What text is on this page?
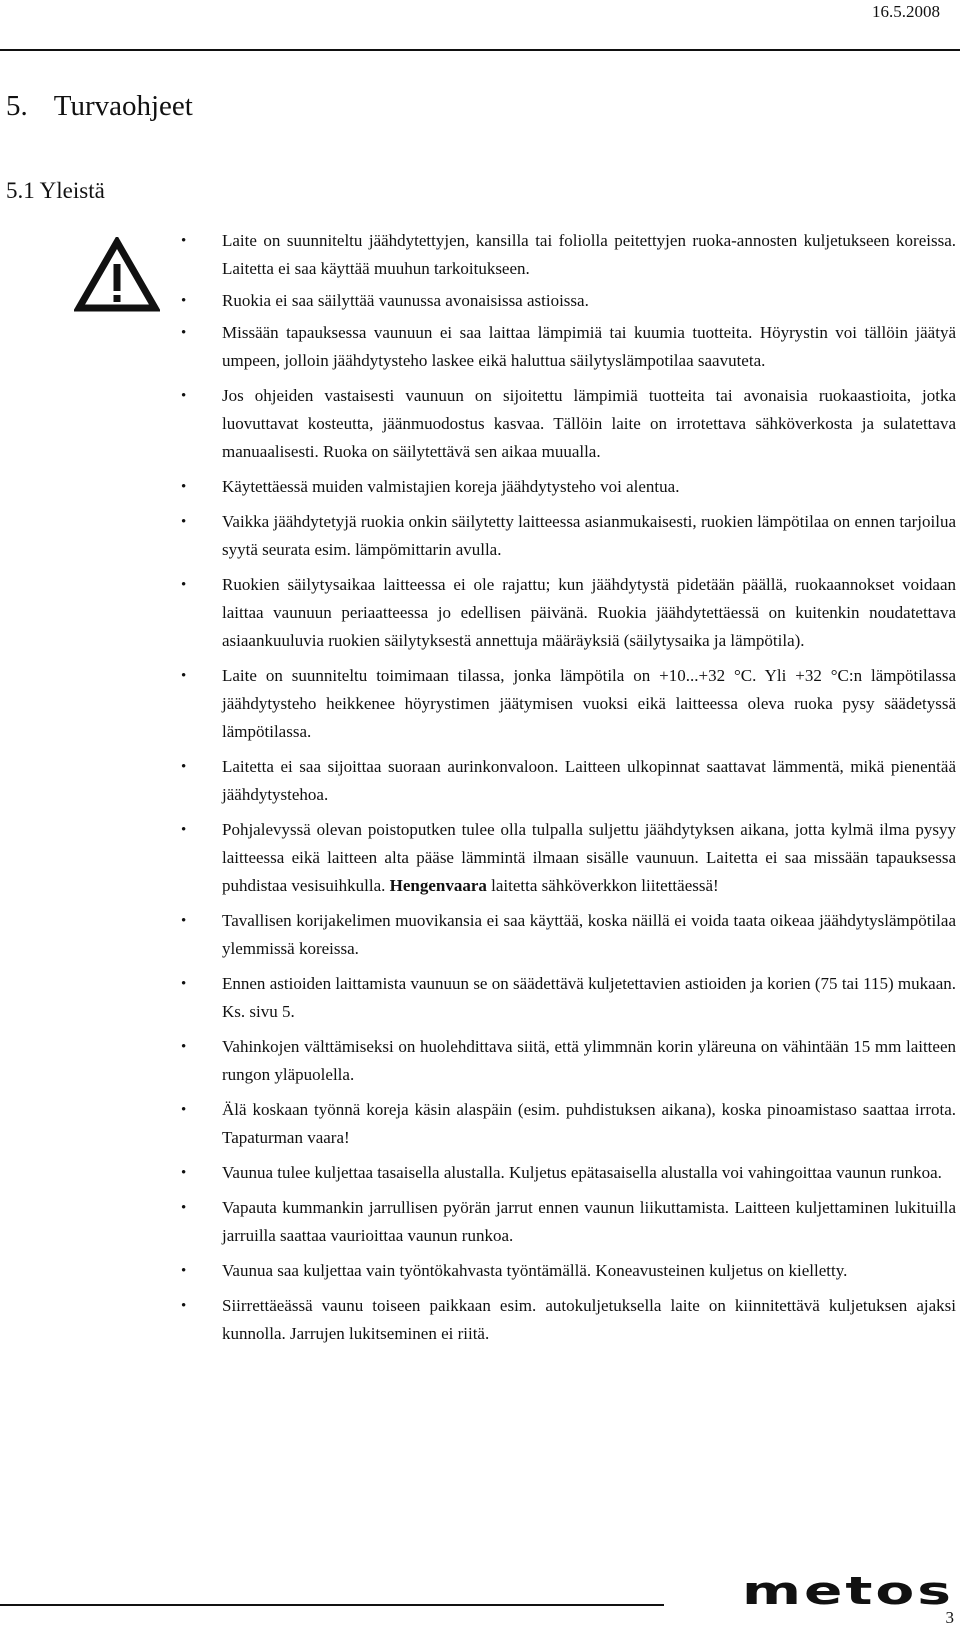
16.5.2008
5. Turvaohjeet
5.1 Yleistä
• Laite on suunniteltu jäähdytettyjen, kansilla tai foliolla peitettyjen ruoka-annosten kuljetukseen koreissa. Laitetta ei saa käyttää muuhun tarkoitukseen.
• Ruokia ei saa säilyttää vaunussa avonaisissa astioissa.
• Missään tapauksessa vaunuun ei saa laittaa lämpimiä tai kuumia tuotteita. Höyrystin voi tällöin jäätyä umpeen, jolloin jäähdytysteho laskee eikä haluttua säilytyslämpotilaa saavuteta.
• Jos ohjeiden vastaisesti vaunuun on sijoitettu lämpimiä tuotteita tai avonaisia ruokaastioita, jotka luovuttavat kosteutta, jäänmuodostus kasvaa. Tällöin laite on irrotettava sähköverkosta ja sulatettava manuaalisesti. Ruoka on säilytettävä sen aikaa muualla.
• Käytettäessä muiden valmistajien koreja jäähdytysteho voi alentua.
• Vaikka jäähdytetyjä ruokia onkin säilytetty laitteessa asianmukaisesti, ruokien lämpötilaa on ennen tarjoilua syytä seurata esim. lämpömittarin avulla.
• Ruokien säilytysaikaa laitteessa ei ole rajattu; kun jäähdytystä pidetään päällä, ruokaannokset voidaan laittaa vaunuun periaatteessa jo edellisen päivänä. Ruokia jäähdytettäessä on kuitenkin noudatettava asiaankuuluvia ruokien säilytyksestä annettuja määräyksiä (säilytysaika ja lämpötila).
• Laite on suunniteltu toimimaan tilassa, jonka lämpötila on +10...+32 °C. Yli +32 °C:n lämpötilassa jäähdytysteho heikkenee höyrystimen jäätymisen vuoksi eikä laitteessa oleva ruoka pysy säädetyssä lämpötilassa.
• Laitetta ei saa sijoittaa suoraan aurinkonvaloon. Laitteen ulkopinnat saattavat lämmentä, mikä pienentää jäähdytystehoa.
• Pohjalevyssä olevan poistoputken tulee olla tulpalla suljettu jäähdytyksen aikana, jotta kylmä ilma pysyy laitteessa eikä laitteen alta pääse lämmintä ilmaan sisälle vaunuun. Laitetta ei saa missään tapauksessa puhdistaa vesisuihkulla. Hengenvaara laitetta sähköverkkon liitettäessä!
• Tavallisen korijakelimen muovikansia ei saa käyttää, koska näillä ei voida taata oikeaa jäähdytyslämpötilaa ylemmissä koreissa.
• Ennen astioiden laittamista vaunuun se on säädettävä kuljetettavien astioiden ja korien (75 tai 115) mukaan. Ks. sivu 5.
• Vahinkojen välttämiseksi on huolehdittava siitä, että ylimmnän korin yläreuna on vähintään 15 mm laitteen rungon yläpuolella.
• Älä koskaan työnnä koreja käsin alaspäin (esim. puhdistuksen aikana), koska pinoamistaso saattaa irrota. Tapaturman vaara!
• Vaunua tulee kuljettaa tasaisella alustalla. Kuljetus epätasaisella alustalla voi vahingoittaa vaunun runkoa.
• Vapauta kummankin jarrullisen pyörän jarrut ennen vaunun liikuttamista. Laitteen kuljettaminen lukituilla jarruilla saattaa vaurioittaa vaunun runkoa.
• Vaunua saa kuljettaa vain työntökahvasta työntämällä. Koneavusteinen kuljetus on kielletty.
• Siirrettäeässä vaunu toiseen paikkaan esim. autokuljetuksella laite on kiinnitettävä kuljetuksen ajaksi kunnolla. Jarrujen lukitseminen ei riitä.
metos
3
